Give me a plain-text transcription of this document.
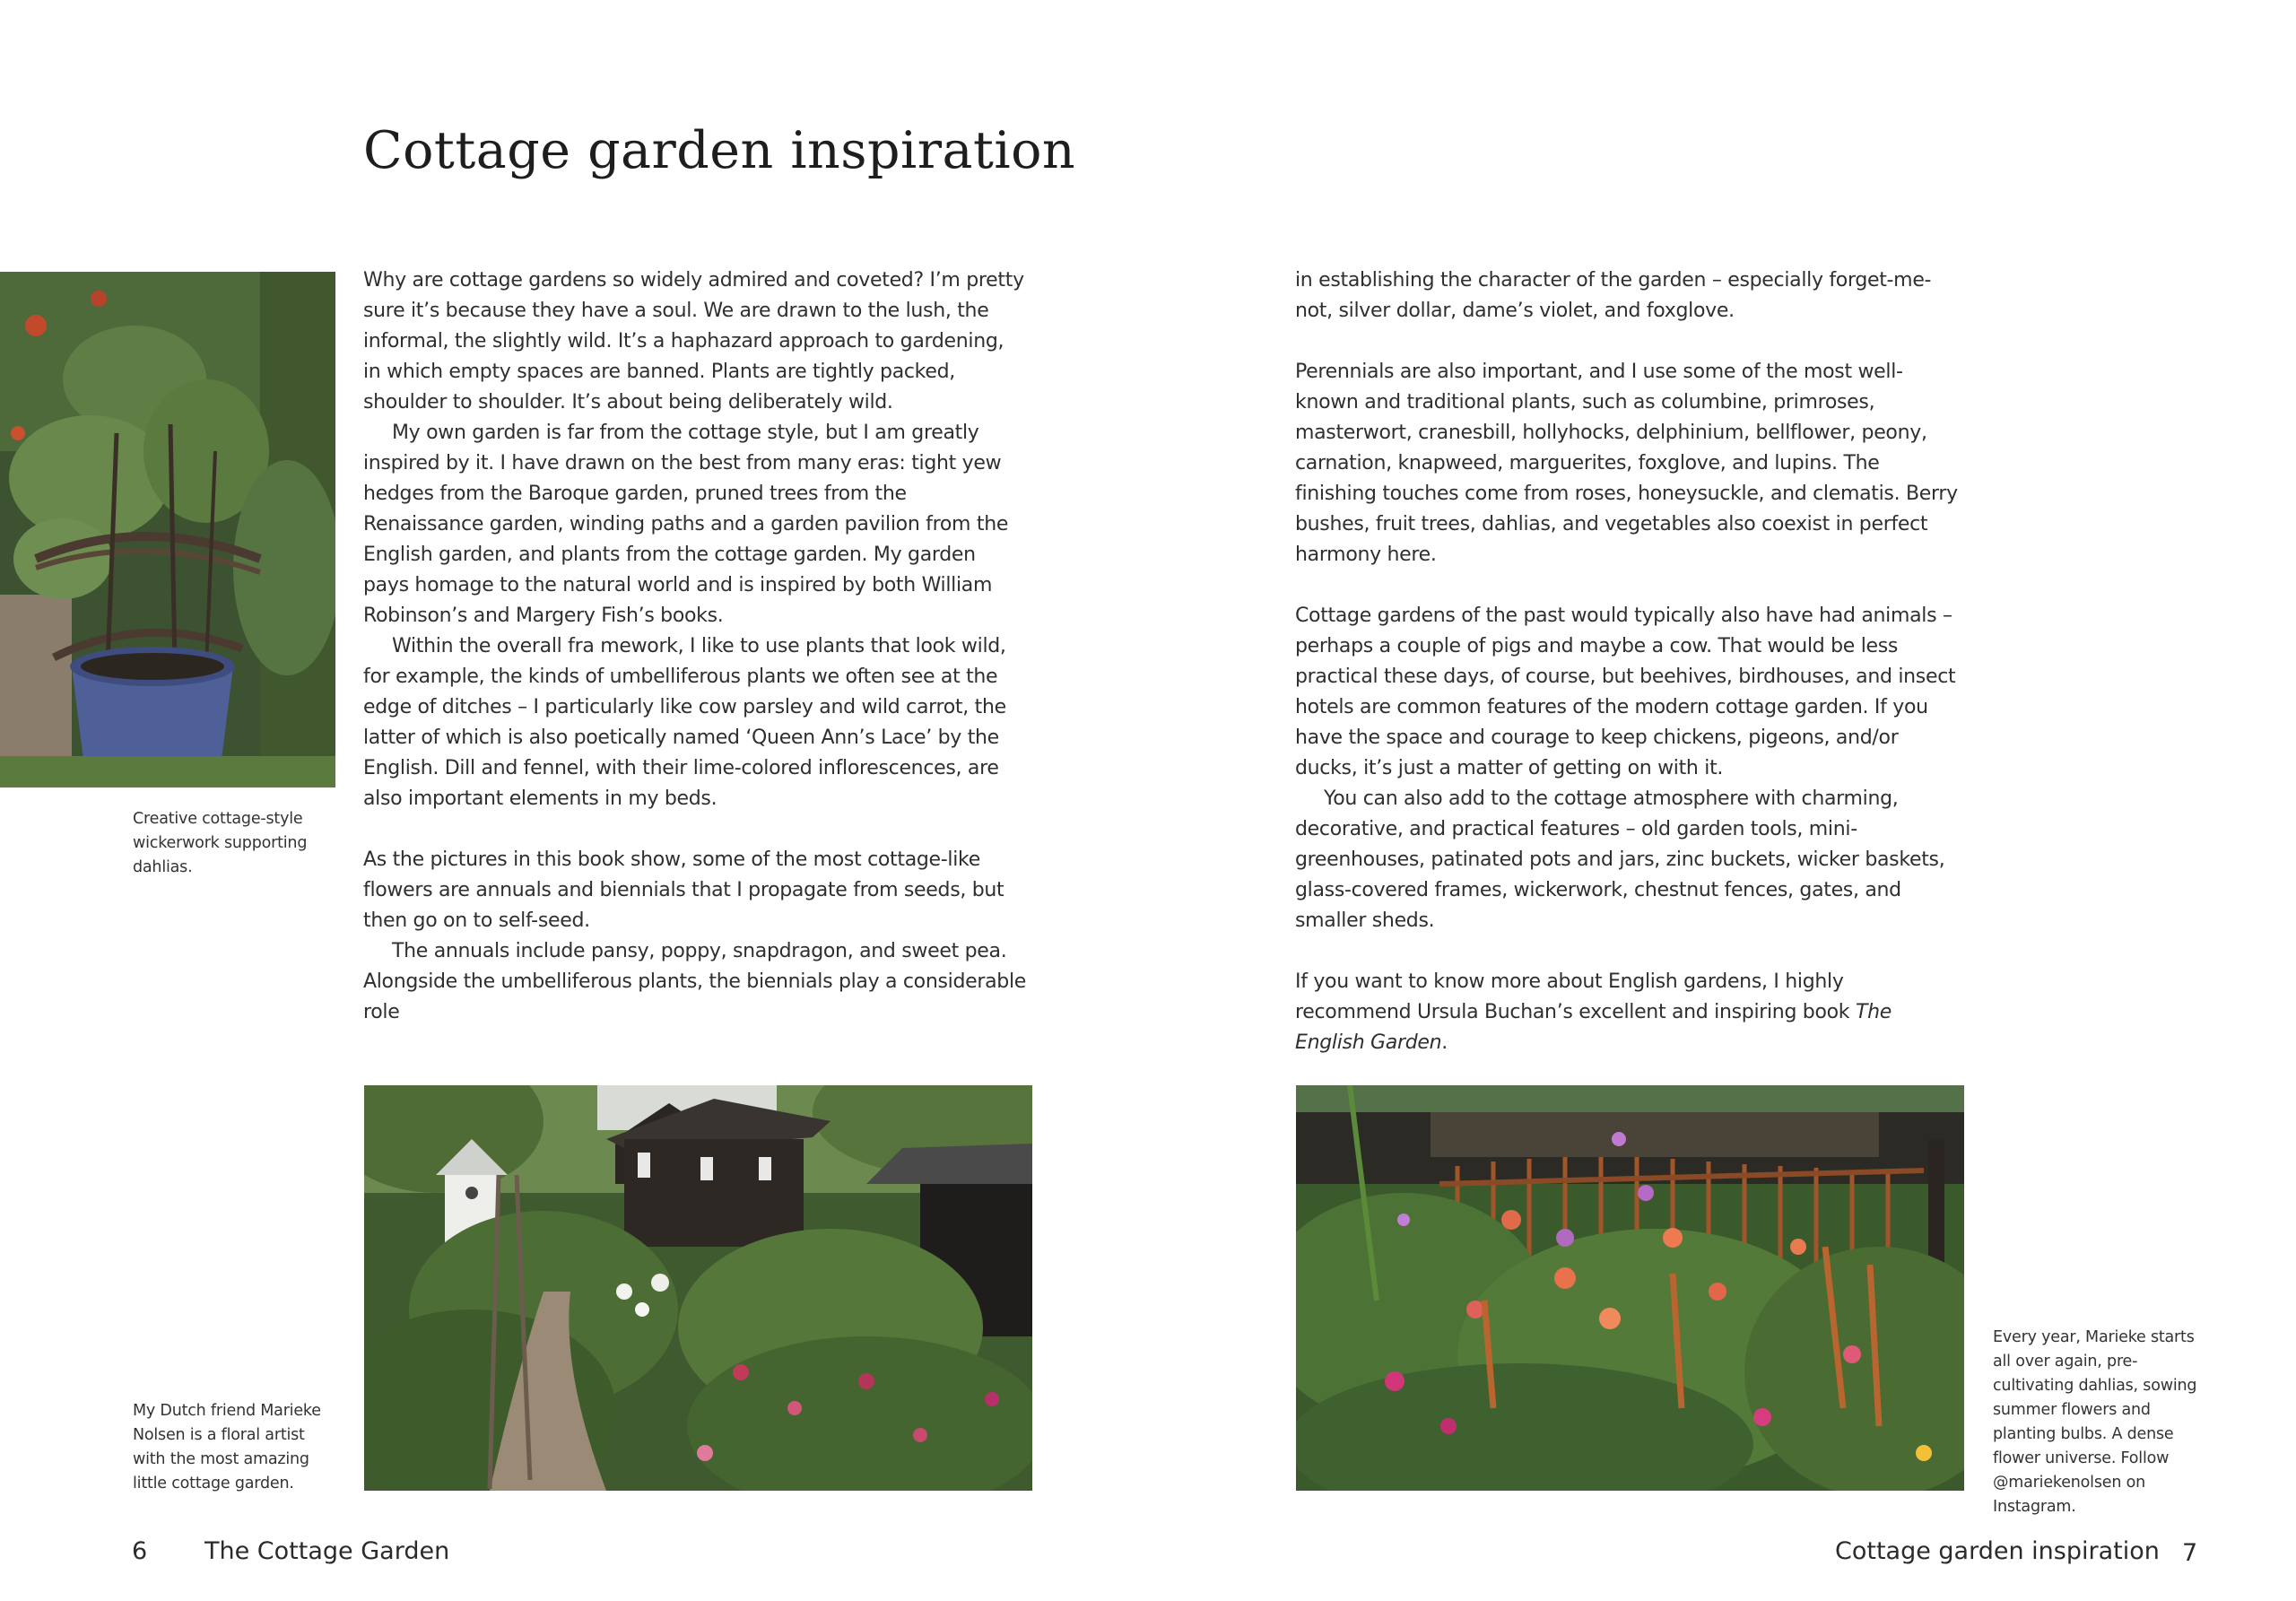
Cottage garden inspiration
Creative cottage-style wickerwork supporting dahlias.

Why are cottage gardens so widely admired and coveted? I’m pretty sure it’s because they have a soul. We are drawn to the lush, the informal, the slightly wild. It’s a haphazard approach to gardening, in which empty spaces are banned. Plants are tightly packed, shoulder to shoulder. It’s about being deliberately wild.

My own garden is far from the cottage style, but I am greatly inspired by it. I have drawn on the best from many eras: tight yew hedges from the Baroque garden, pruned trees from the Renaissance garden, winding paths and a garden pavilion from the English garden, and plants from the cottage garden. My garden pays homage to the natural world and is inspired by both William Robinson’s and Margery Fish’s books.

Within the overall fra mework, I like to use plants that look wild, for example, the kinds of umbelliferous plants we often see at the edge of ditches – I particularly like cow parsley and wild carrot, the latter of which is also poetically named ‘Queen Ann’s Lace’ by the English. Dill and fennel, with their lime-colored inflorescences, are also important elements in my beds.

As the pictures in this book show, some of the most cottage-like flowers are annuals and biennials that I propagate from seeds, but then go on to self-seed.

The annuals include pansy, poppy, snapdragon, and sweet pea. Alongside the umbelliferous plants, the biennials play a considerable role

in establishing the character of the garden – especially forget-me-not, silver dollar, dame’s violet, and foxglove.

Perennials are also important, and I use some of the most well-known and traditional plants, such as columbine, primroses, masterwort, cranesbill, hollyhocks, delphinium, bellflower, peony, carnation, knapweed, marguerites, foxglove, and lupins. The finishing touches come from roses, honeysuckle, and clematis. Berry bushes, fruit trees, dahlias, and vegetables also coexist in perfect harmony here.

Cottage gardens of the past would typically also have had animals – perhaps a couple of pigs and maybe a cow. That would be less practical these days, of course, but beehives, birdhouses, and insect hotels are common features of the modern cottage garden. If you have the space and courage to keep chickens, pigeons, and/or ducks, it’s just a matter of getting on with it.

You can also add to the cottage atmosphere with charming, decorative, and practical features – old garden tools, mini-greenhouses, patinated pots and jars, zinc buckets, wicker baskets, glass-covered frames, wickerwork, chestnut fences, gates, and smaller sheds.

If you want to know more about English gardens, I highly recommend Ursula Buchan’s excellent and inspiring book The English Garden.

My Dutch friend Marieke Nolsen is a floral artist with the most amazing little cottage garden.
Every year, Marieke starts all over again, pre-cultivating dahlias, sowing summer flowers and planting bulbs. A dense flower universe. Follow @mariekenolsen on Instagram.
6 The Cottage Garden	Cottage garden inspiration 7
